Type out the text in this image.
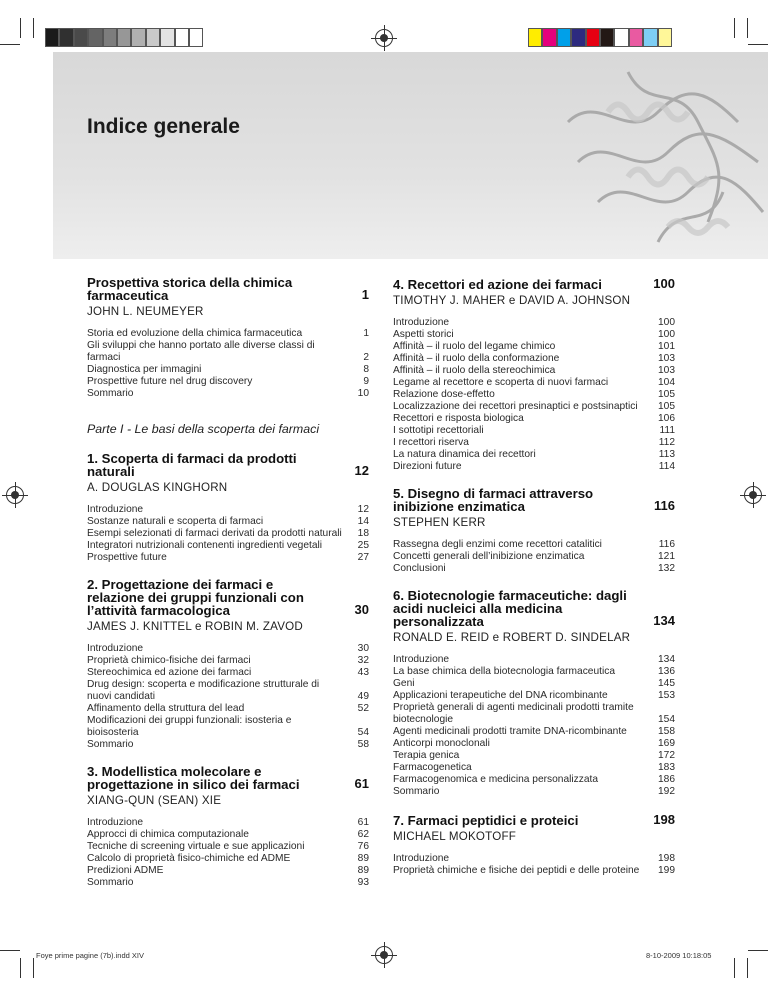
Indice generale
Prospettiva storica della chimica farmaceutica	1
JOHN L. NEUMEYER
Storia ed evoluzione della chimica farmaceutica	1
Gli sviluppi che hanno portato alle diverse classi di farmaci	2
Diagnostica per immagini	8
Prospettive future nel drug discovery	9
Sommario	10
Parte I - Le basi della scoperta dei farmaci
1. Scoperta di farmaci da prodotti naturali	12
A. DOUGLAS KINGHORN
Introduzione	12
Sostanze naturali e scoperta di farmaci	14
Esempi selezionati di farmaci derivati da prodotti naturali	18
Integratori nutrizionali contenenti ingredienti vegetali	25
Prospettive future	27
2. Progettazione dei farmaci e relazione dei gruppi funzionali con l’attività farmacologica	30
JAMES J. KNITTEL e ROBIN M. ZAVOD
Introduzione	30
Proprietà chimico-fisiche dei farmaci	32
Stereochimica ed azione dei farmaci	43
Drug design: scoperta e modificazione strutturale di nuovi candidati	49
Affinamento della struttura del lead	52
Modificazioni dei gruppi funzionali: isosteria e bioisosteria	54
Sommario	58
3. Modellistica molecolare e progettazione in silico dei farmaci	61
XIANG-QUN (SEAN) XIE
Introduzione	61
Approcci di chimica computazionale	62
Tecniche di screening virtuale e sue applicazioni	76
Calcolo di proprietà fisico-chimiche ed ADME	89
Predizioni ADME	89
Sommario	93
4. Recettori ed azione dei farmaci	100
TIMOTHY J. MAHER e DAVID A. JOHNSON
Introduzione	100
Aspetti storici	100
Affinità – il ruolo del legame chimico	101
Affinità – il ruolo della conformazione	103
Affinità – il ruolo della stereochimica	103
Legame al recettore e scoperta di nuovi farmaci	104
Relazione dose-effetto	105
Localizzazione dei recettori presinaptici e postsinaptici	105
Recettori e risposta biologica	106
I sottotipi recettoriali	111
I recettori riserva	112
La natura dinamica dei recettori	113
Direzioni future	114
5. Disegno di farmaci attraverso inibizione enzimatica	116
STEPHEN KERR
Rassegna degli enzimi come recettori catalitici	116
Concetti generali dell’inibizione enzimatica	121
Conclusioni	132
6. Biotecnologie farmaceutiche: dagli acidi nucleici alla medicina personalizzata	134
RONALD E. REID e ROBERT D. SINDELAR
Introduzione	134
La base chimica della biotecnologia farmaceutica	136
Geni	145
Applicazioni terapeutiche del DNA ricombinante	153
Proprietà generali di agenti medicinali prodotti tramite biotecnologie	154
Agenti medicinali prodotti tramite DNA-ricombinante	158
Anticorpi monoclonali	169
Terapia genica	172
Farmacogenetica	183
Farmacogenomica e medicina personalizzata	186
Sommario	192
7. Farmaci peptidici e proteici	198
MICHAEL MOKOTOFF
Introduzione	198
Proprietà chimiche e fisiche dei peptidi e delle proteine	199
Foye prime pagine (7b).indd XIV	8-10-2009 10:18:05
